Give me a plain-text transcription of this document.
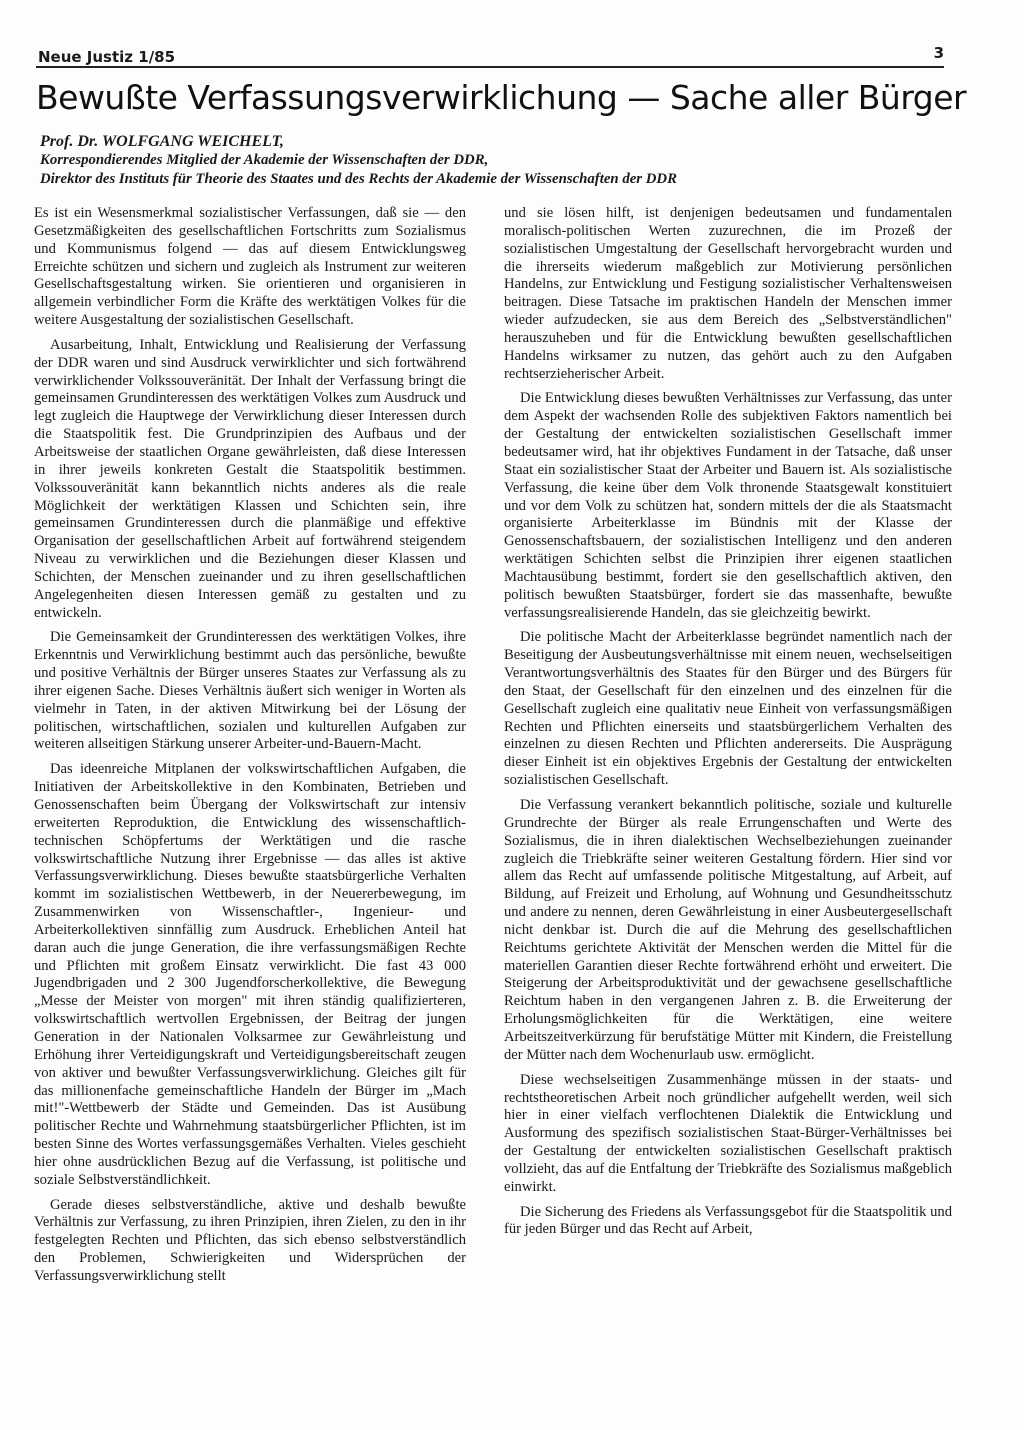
Neue Justiz 1/85	3
Bewußte Verfassungsverwirklichung — Sache aller Bürger
Prof. Dr. WOLFGANG WEICHELT,
Korrespondierendes Mitglied der Akademie der Wissenschaften der DDR,
Direktor des Instituts für Theorie des Staates und des Rechts der Akademie der Wissenschaften der DDR

Es ist ein Wesensmerkmal sozialistischer Verfassungen, daß sie — den Gesetzmäßigkeiten des gesellschaftlichen Fortschritts zum Sozialismus und Kommunismus folgend — das auf diesem Entwicklungsweg Erreichte schützen und sichern und zugleich als Instrument zur weiteren Gesellschaftsgestaltung wirken. Sie orientieren und organisieren in allgemein verbindlicher Form die Kräfte des werktätigen Volkes für die weitere Ausgestaltung der sozialistischen Gesellschaft.

Ausarbeitung, Inhalt, Entwicklung und Realisierung der Verfassung der DDR waren und sind Ausdruck verwirklichter und sich fortwährend verwirklichender Volkssouveränität. Der Inhalt der Verfassung bringt die gemeinsamen Grundinteressen des werktätigen Volkes zum Ausdruck und legt zugleich die Hauptwege der Verwirklichung dieser Interessen durch die Staatspolitik fest. Die Grundprinzipien des Aufbaus und der Arbeitsweise der staatlichen Organe gewährleisten, daß diese Interessen in ihrer jeweils konkreten Gestalt die Staatspolitik bestimmen. Volkssouveränität kann bekanntlich nichts anderes als die reale Möglichkeit der werktätigen Klassen und Schichten sein, ihre gemeinsamen Grundinteressen durch die planmäßige und effektive Organisation der gesellschaftlichen Arbeit auf fortwährend steigendem Niveau zu verwirklichen und die Beziehungen dieser Klassen und Schichten, der Menschen zueinander und zu ihren gesellschaftlichen Angelegenheiten diesen Interessen gemäß zu gestalten und zu entwickeln.

Die Gemeinsamkeit der Grundinteressen des werktätigen Volkes, ihre Erkenntnis und Verwirklichung bestimmt auch das persönliche, bewußte und positive Verhältnis der Bürger unseres Staates zur Verfassung als zu ihrer eigenen Sache. Dieses Verhältnis äußert sich weniger in Worten als vielmehr in Taten, in der aktiven Mitwirkung bei der Lösung der politischen, wirtschaftlichen, sozialen und kulturellen Aufgaben zur weiteren allseitigen Stärkung unserer Arbeiter-und-Bauern-Macht.

Das ideenreiche Mitplanen der volkswirtschaftlichen Aufgaben, die Initiativen der Arbeitskollektive in den Kombinaten, Betrieben und Genossenschaften beim Übergang der Volkswirtschaft zur intensiv erweiterten Reproduktion, die Entwicklung des wissenschaftlich-technischen Schöpfertums der Werktätigen und die rasche volkswirtschaftliche Nutzung ihrer Ergebnisse — das alles ist aktive Verfassungsverwirklichung. Dieses bewußte staatsbürgerliche Verhalten kommt im sozialistischen Wettbewerb, in der Neuererbewegung, im Zusammenwirken von Wissenschaftler-, Ingenieur- und Arbeiterkollektiven sinnfällig zum Ausdruck. Erheblichen Anteil hat daran auch die junge Generation, die ihre verfassungsmäßigen Rechte und Pflichten mit großem Einsatz verwirklicht. Die fast 43 000 Jugendbrigaden und 2 300 Jugendforscherkollektive, die Bewegung „Messe der Meister von morgen" mit ihren ständig qualifizierteren, volkswirtschaftlich wertvollen Ergebnissen, der Beitrag der jungen Generation in der Nationalen Volksarmee zur Gewährleistung und Erhöhung ihrer Verteidigungskraft und Verteidigungsbereitschaft zeugen von aktiver und bewußter Verfassungsverwirklichung. Gleiches gilt für das millionenfache gemeinschaftliche Handeln der Bürger im „Mach mit!"-Wettbewerb der Städte und Gemeinden. Das ist Ausübung politischer Rechte und Wahrnehmung staatsbürgerlicher Pflichten, ist im besten Sinne des Wortes verfassungsgemäßes Verhalten. Vieles geschieht hier ohne ausdrücklichen Bezug auf die Verfassung, ist politische und soziale Selbstverständlichkeit.

Gerade dieses selbstverständliche, aktive und deshalb bewußte Verhältnis zur Verfassung, zu ihren Prinzipien, ihren Zielen, zu den in ihr festgelegten Rechten und Pflichten, das sich ebenso selbstverständlich den Problemen, Schwierigkeiten und Widersprüchen der Verfassungsverwirklichung stellt

und sie lösen hilft, ist denjenigen bedeutsamen und fundamentalen moralisch-politischen Werten zuzurechnen, die im Prozeß der sozialistischen Umgestaltung der Gesellschaft hervorgebracht wurden und die ihrerseits wiederum maßgeblich zur Motivierung persönlichen Handelns, zur Entwicklung und Festigung sozialistischer Verhaltensweisen beitragen. Diese Tatsache im praktischen Handeln der Menschen immer wieder aufzudecken, sie aus dem Bereich des „Selbstverständlichen" herauszuheben und für die Entwicklung bewußten gesellschaftlichen Handelns wirksamer zu nutzen, das gehört auch zu den Aufgaben rechtserzieherischer Arbeit.

Die Entwicklung dieses bewußten Verhältnisses zur Verfassung, das unter dem Aspekt der wachsenden Rolle des subjektiven Faktors namentlich bei der Gestaltung der entwickelten sozialistischen Gesellschaft immer bedeutsamer wird, hat ihr objektives Fundament in der Tatsache, daß unser Staat ein sozialistischer Staat der Arbeiter und Bauern ist. Als sozialistische Verfassung, die keine über dem Volk thronende Staatsgewalt konstituiert und vor dem Volk zu schützen hat, sondern mittels der die als Staatsmacht organisierte Arbeiterklasse im Bündnis mit der Klasse der Genossenschaftsbauern, der sozialistischen Intelligenz und den anderen werktätigen Schichten selbst die Prinzipien ihrer eigenen staatlichen Machtausübung bestimmt, fordert sie den gesellschaftlich aktiven, den politisch bewußten Staatsbürger, fordert sie das massenhafte, bewußte verfassungsrealisierende Handeln, das sie gleichzeitig bewirkt.

Die politische Macht der Arbeiterklasse begründet namentlich nach der Beseitigung der Ausbeutungsverhältnisse mit einem neuen, wechselseitigen Verantwortungsverhältnis des Staates für den Bürger und des Bürgers für den Staat, der Gesellschaft für den einzelnen und des einzelnen für die Gesellschaft zugleich eine qualitativ neue Einheit von verfassungsmäßigen Rechten und Pflichten einerseits und staatsbürgerlichem Verhalten des einzelnen zu diesen Rechten und Pflichten andererseits. Die Ausprägung dieser Einheit ist ein objektives Ergebnis der Gestaltung der entwickelten sozialistischen Gesellschaft.

Die Verfassung verankert bekanntlich politische, soziale und kulturelle Grundrechte der Bürger als reale Errungenschaften und Werte des Sozialismus, die in ihren dialektischen Wechselbeziehungen zueinander zugleich die Triebkräfte seiner weiteren Gestaltung fördern. Hier sind vor allem das Recht auf umfassende politische Mitgestaltung, auf Arbeit, auf Bildung, auf Freizeit und Erholung, auf Wohnung und Gesundheitsschutz und andere zu nennen, deren Gewährleistung in einer Ausbeutergesellschaft nicht denkbar ist. Durch die auf die Mehrung des gesellschaftlichen Reichtums gerichtete Aktivität der Menschen werden die Mittel für die materiellen Garantien dieser Rechte fortwährend erhöht und erweitert. Die Steigerung der Arbeitsproduktivität und der gewachsene gesellschaftliche Reichtum haben in den vergangenen Jahren z. B. die Erweiterung der Erholungsmöglichkeiten für die Werktätigen, eine weitere Arbeitszeitverkürzung für berufstätige Mütter mit Kindern, die Freistellung der Mütter nach dem Wochenurlaub usw. ermöglicht.

Diese wechselseitigen Zusammenhänge müssen in der staats- und rechtstheoretischen Arbeit noch gründlicher aufgehellt werden, weil sich hier in einer vielfach verflochtenen Dialektik die Entwicklung und Ausformung des spezifisch sozialistischen Staat-Bürger-Verhältnisses bei der Gestaltung der entwickelten sozialistischen Gesellschaft praktisch vollzieht, das auf die Entfaltung der Triebkräfte des Sozialismus maßgeblich einwirkt.

Die Sicherung des Friedens als Verfassungsgebot für die Staatspolitik und für jeden Bürger und das Recht auf Arbeit,
